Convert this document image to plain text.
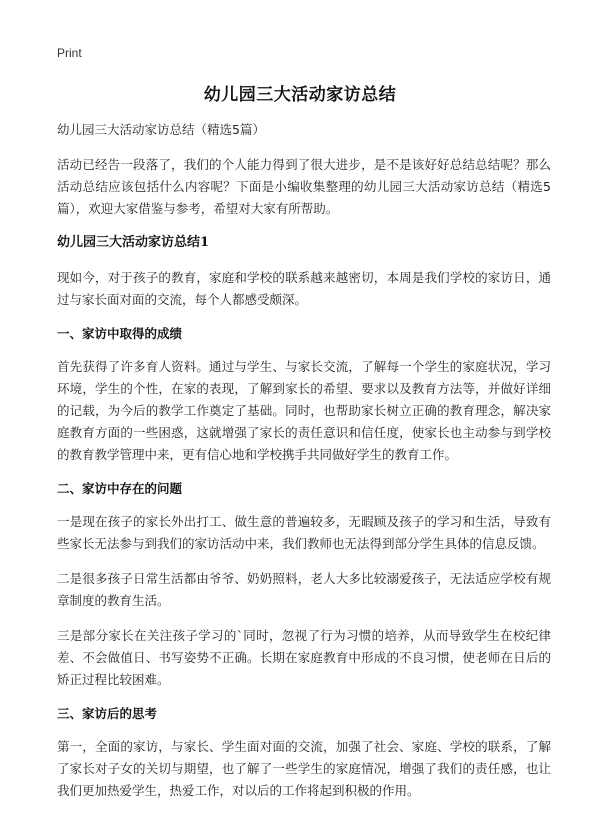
Print
幼儿园三大活动家访总结
幼儿园三大活动家访总结（精选5篇）

活动已经告一段落了，我们的个人能力得到了很大进步，是不是该好好总结总结呢？那么活动总结应该包括什么内容呢？下面是小编收集整理的幼儿园三大活动家访总结（精选5篇），欢迎大家借鉴与参考，希望对大家有所帮助。

幼儿园三大活动家访总结1

现如今，对于孩子的教育，家庭和学校的联系越来越密切，本周是我们学校的家访日，通过与家长面对面的交流，每个人都感受颇深。

一、家访中取得的成绩

首先获得了许多育人资料。通过与学生、与家长交流，了解每一个学生的家庭状况，学习环境，学生的个性，在家的表现，了解到家长的希望、要求以及教育方法等，并做好详细的记载，为今后的教学工作奠定了基础。同时，也帮助家长树立正确的教育理念，解决家庭教育方面的一些困惑，这就增强了家长的责任意识和信任度，使家长也主动参与到学校的教育教学管理中来，更有信心地和学校携手共同做好学生的教育工作。

二、家访中存在的问题

一是现在孩子的家长外出打工、做生意的普遍较多，无暇顾及孩子的学习和生活，导致有些家长无法参与到我们的家访活动中来，我们教师也无法得到部分学生具体的信息反馈。

二是很多孩子日常生活都由爷爷、奶奶照料，老人大多比较溺爱孩子，无法适应学校有规章制度的教育生活。

三是部分家长在关注孩子学习的`同时，忽视了行为习惯的培养，从而导致学生在校纪律差、不会做值日、书写姿势不正确。长期在家庭教育中形成的不良习惯，使老师在日后的矫正过程比较困难。

三、家访后的思考

第一，全面的家访，与家长、学生面对面的交流，加强了社会、家庭、学校的联系，了解了家长对子女的关切与期望，也了解了一些学生的家庭情况，增强了我们的责任感，也让我们更加热爱学生，热爱工作，对以后的工作将起到积极的作用。
